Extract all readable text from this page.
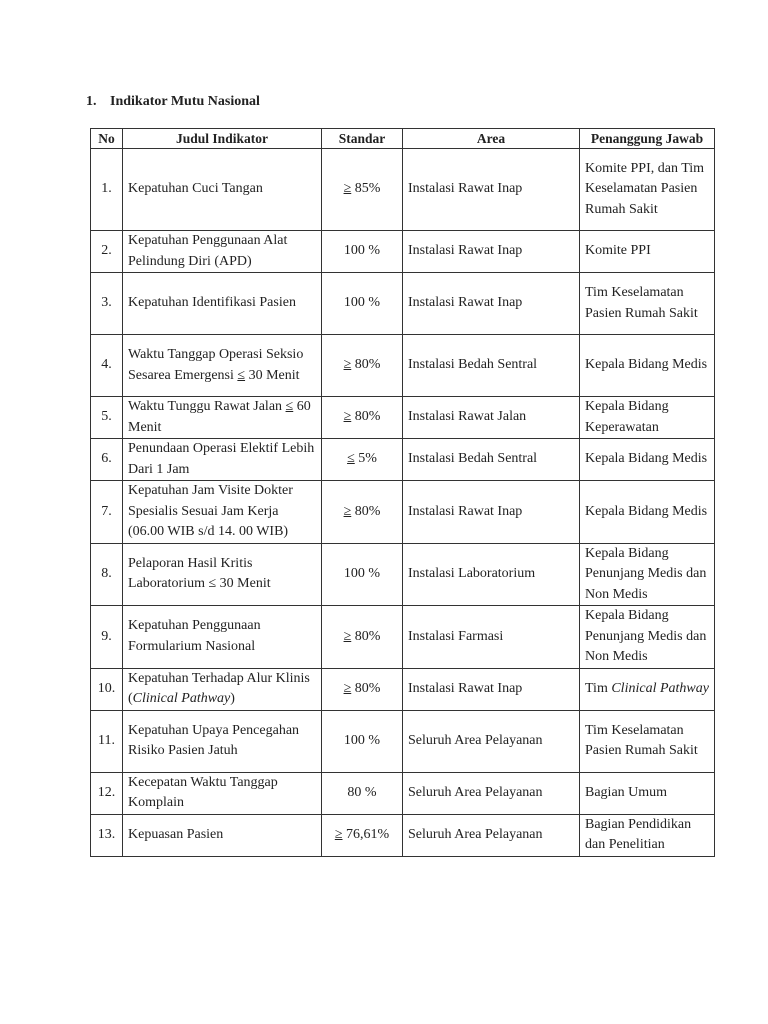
1. Indikator Mutu Nasional
No	Judul Indikator	Standar	Area	Penanggung Jawab
1.	Kepatuhan Cuci Tangan	≥ 85%	Instalasi Rawat Inap	Komite PPI, dan Tim Keselamatan Pasien Rumah Sakit
2.	Kepatuhan Penggunaan Alat Pelindung Diri (APD)	100 %	Instalasi Rawat Inap	Komite PPI
3.	Kepatuhan Identifikasi Pasien	100 %	Instalasi Rawat Inap	Tim Keselamatan Pasien Rumah Sakit
4.	Waktu Tanggap Operasi Seksio Sesarea Emergensi ≤ 30 Menit	≥ 80%	Instalasi Bedah Sentral	Kepala Bidang Medis
5.	Waktu Tunggu Rawat Jalan ≤ 60 Menit	≥ 80%	Instalasi Rawat Jalan	Kepala Bidang Keperawatan
6.	Penundaan Operasi Elektif Lebih Dari 1 Jam	≤ 5%	Instalasi Bedah Sentral	Kepala Bidang Medis
7.	Kepatuhan Jam Visite Dokter Spesialis Sesuai Jam Kerja (06.00 WIB s/d 14. 00 WIB)	≥ 80%	Instalasi Rawat Inap	Kepala Bidang Medis
8.	Pelaporan Hasil Kritis Laboratorium ≤ 30 Menit	100 %	Instalasi Laboratorium	Kepala Bidang Penunjang Medis dan Non Medis
9.	Kepatuhan Penggunaan Formularium Nasional	≥ 80%	Instalasi Farmasi	Kepala Bidang Penunjang Medis dan Non Medis
10.	Kepatuhan Terhadap Alur Klinis (Clinical Pathway)	≥ 80%	Instalasi Rawat Inap	Tim Clinical Pathway
11.	Kepatuhan Upaya Pencegahan Risiko Pasien Jatuh	100 %	Seluruh Area Pelayanan	Tim Keselamatan Pasien Rumah Sakit
12.	Kecepatan Waktu Tanggap Komplain	80 %	Seluruh Area Pelayanan	Bagian Umum
13.	Kepuasan Pasien	≥ 76,61%	Seluruh Area Pelayanan	Bagian Pendidikan dan Penelitian
